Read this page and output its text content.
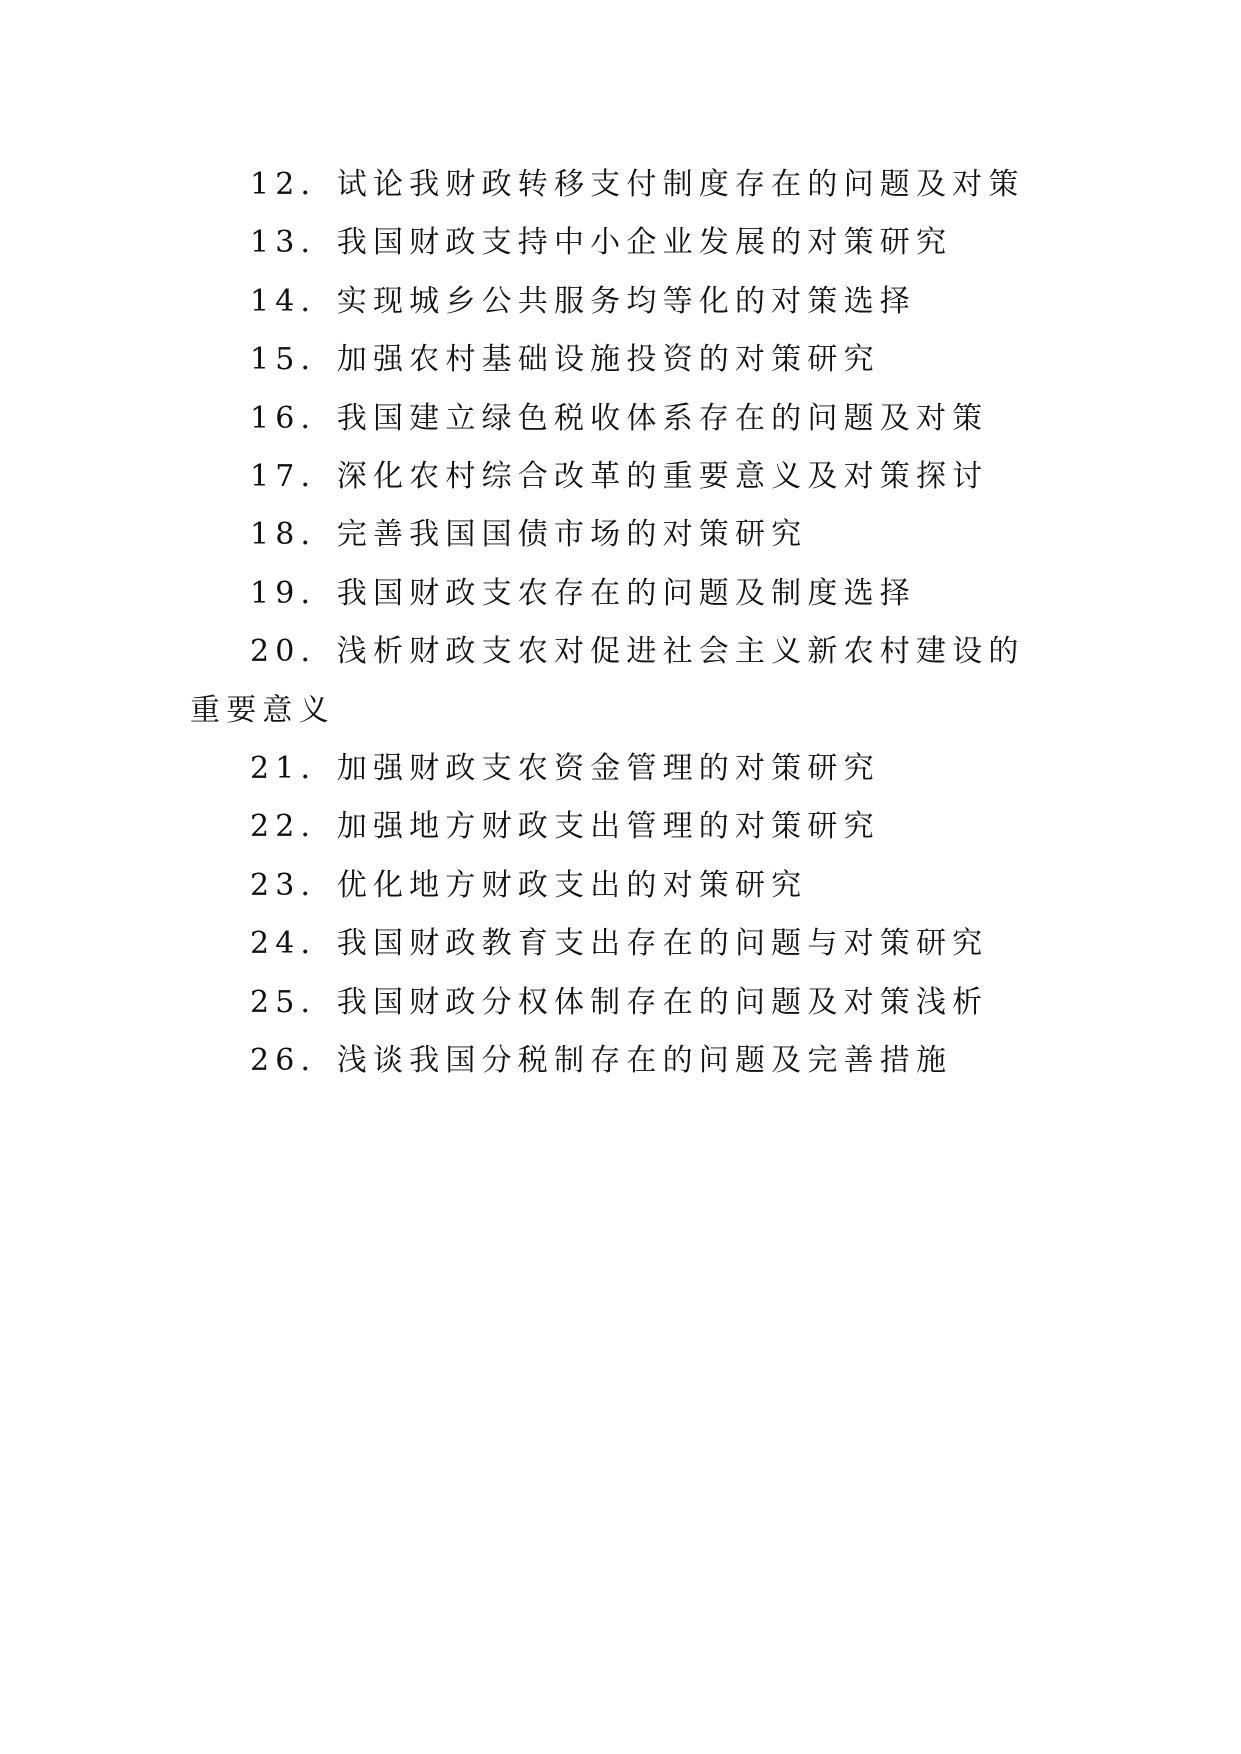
12．试论我财政转移支付制度存在的问题及对策
13．我国财政支持中小企业发展的对策研究
14．实现城乡公共服务均等化的对策选择
15．加强农村基础设施投资的对策研究
16．我国建立绿色税收体系存在的问题及对策
17．深化农村综合改革的重要意义及对策探讨
18．完善我国国债市场的对策研究
19．我国财政支农存在的问题及制度选择
20．浅析财政支农对促进社会主义新农村建设的重要意义
21．加强财政支农资金管理的对策研究
22．加强地方财政支出管理的对策研究
23．优化地方财政支出的对策研究
24．我国财政教育支出存在的问题与对策研究
25．我国财政分权体制存在的问题及对策浅析
26．浅谈我国分税制存在的问题及完善措施
